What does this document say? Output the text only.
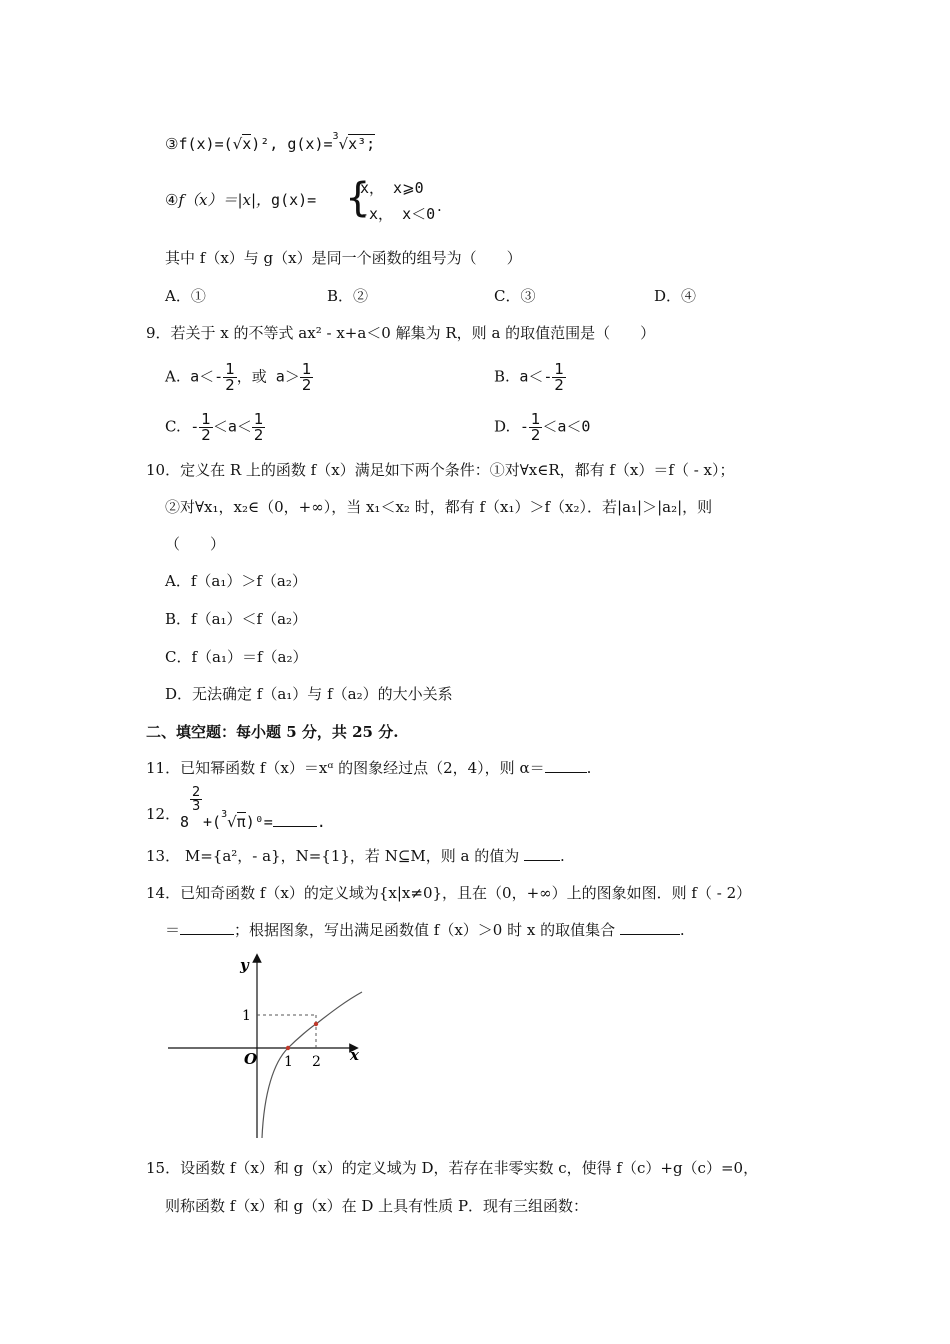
③f(x)=(√x)², g(x)= 3 √x³;
④f（x）＝|x|，g(x)= {
x， x⩾0
-x， x＜0 .
其中 f（x）与 g（x）是同一个函数的组号为（　　）
A．①	B．②	C．③	D．④
9．若关于 x 的不等式 ax² - x+a＜0 解集为 R，则 a 的取值范围是（　　）
A. $a<- \frac{1}{2}$ ，或 $a> \frac{1}{2}$	B. $a<- \frac{1}{2}$
C. - $\frac{1}{2} <a< \frac{1}{2}$	D. - $\frac{1}{2} <a<0$
10．定义在 R 上的函数 f（x）满足如下两个条件：①对∀x∈R，都有 f（x）＝f（ - x）；
②对∀x₁，x₂∈（0，+∞），当 x₁＜x₂ 时，都有 f（x₁）＞f（x₂）．若|a₁|＞|a₂|，则
（　　）
A．f（a₁）＞f（a₂）
B．f（a₁）＜f（a₂）
C．f（a₁）＝f（a₂）
D．无法确定 f（a₁）与 f（a₂）的大小关系
二、填空题：每小题 5 分，共 25 分.
11．已知幂函数 f（x）＝xᵅ 的图象经过点（2，4），则 α＝	.
12． 8
$\frac{2}{3}$
+( 3 √π)⁰=	.
13． M={a²，- a}，N={1}，若 N⊆M，则 a 的值为	.
14．已知奇函数 f（x）的定义域为{x|x≠0}，且在（0，+∞）上的图象如图．则 f（ - 2）
＝	；根据图象，写出满足函数值 f（x）＞0 时 x 的取值集合	.
y
x
O 1 2
1
15．设函数 f（x）和 g（x）的定义域为 D，若存在非零实数 c，使得 f（c）+g（c）=0，
则称函数 f（x）和 g（x）在 D 上具有性质 P．现有三组函数：
